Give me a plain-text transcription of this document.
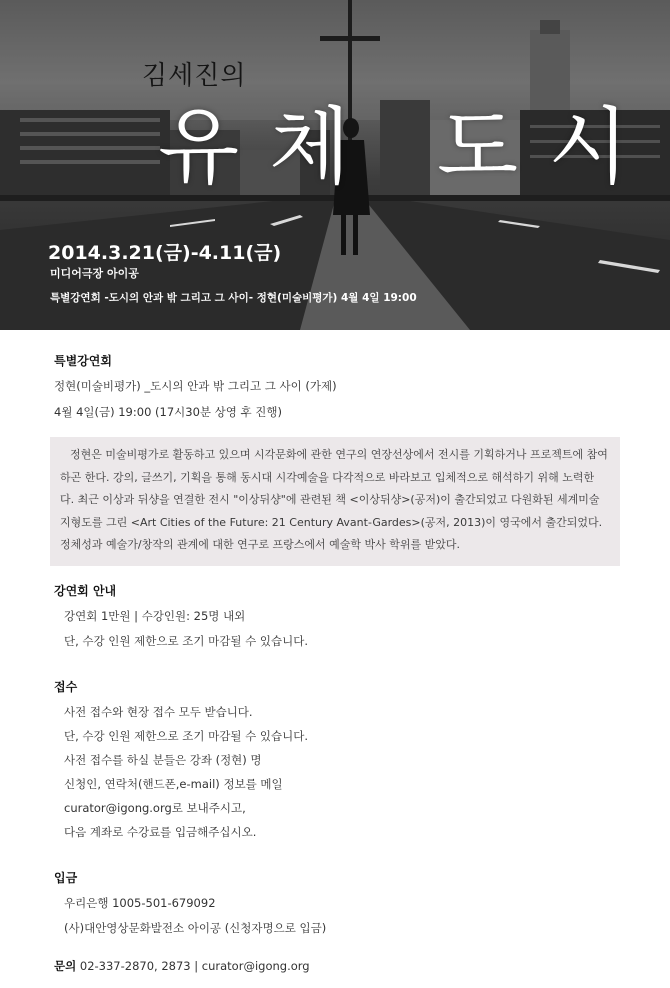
김세진의
유체 도시
2014.3.21(금)-4.11(금)
미디어극장 아이공
특별강연회 -도시의 안과 밖 그리고 그 사이- 정현(미술비평가) 4월 4일 19:00
특별강연회
정현(미술비평가) _도시의 안과 밖 그리고 그 사이 (가제)
4월 4일(금) 19:00 (17시30분 상영 후 진행)
정현은 미술비평가로 활동하고 있으며 시각문화에 관한 연구의 연장선상에서 전시를 기획하거나 프로젝트에 참여하곤 한다. 강의, 글쓰기, 기획을 통해 동시대 시각예술을 다각적으로 바라보고 입체적으로 해석하기 위해 노력한다. 최근 이상과 뒤샹을 연결한 전시 "이상뒤샹"에 관련된 책 <이상뒤샹>(공저)이 출간되었고 다원화된 세계미술지형도를 그린 <Art Cities of the Future: 21 Century Avant-Gardes>(공저, 2013)이 영국에서 출간되었다. 정체성과 예술가/창작의 관계에 대한 연구로 프랑스에서 예술학 박사 학위를 받았다.
강연회 안내
강연회 1만원 | 수강인원: 25명 내외
단, 수강 인원 제한으로 조기 마감될 수 있습니다.
접수
사전 접수와 현장 접수 모두 받습니다.
단, 수강 인원 제한으로 조기 마감될 수 있습니다.
사전 접수를 하실 분들은 강좌 (정현) 명
신청인, 연락처(핸드폰,e-mail) 정보를 메일
curator@igong.org로 보내주시고,
다음 계좌로 수강료를 입금해주십시오.
입금
우리은행 1005-501-679092
(사)대안영상문화발전소 아이공 (신청자명으로 입금)
문의 02-337-2870, 2873 | curator@igong.org
